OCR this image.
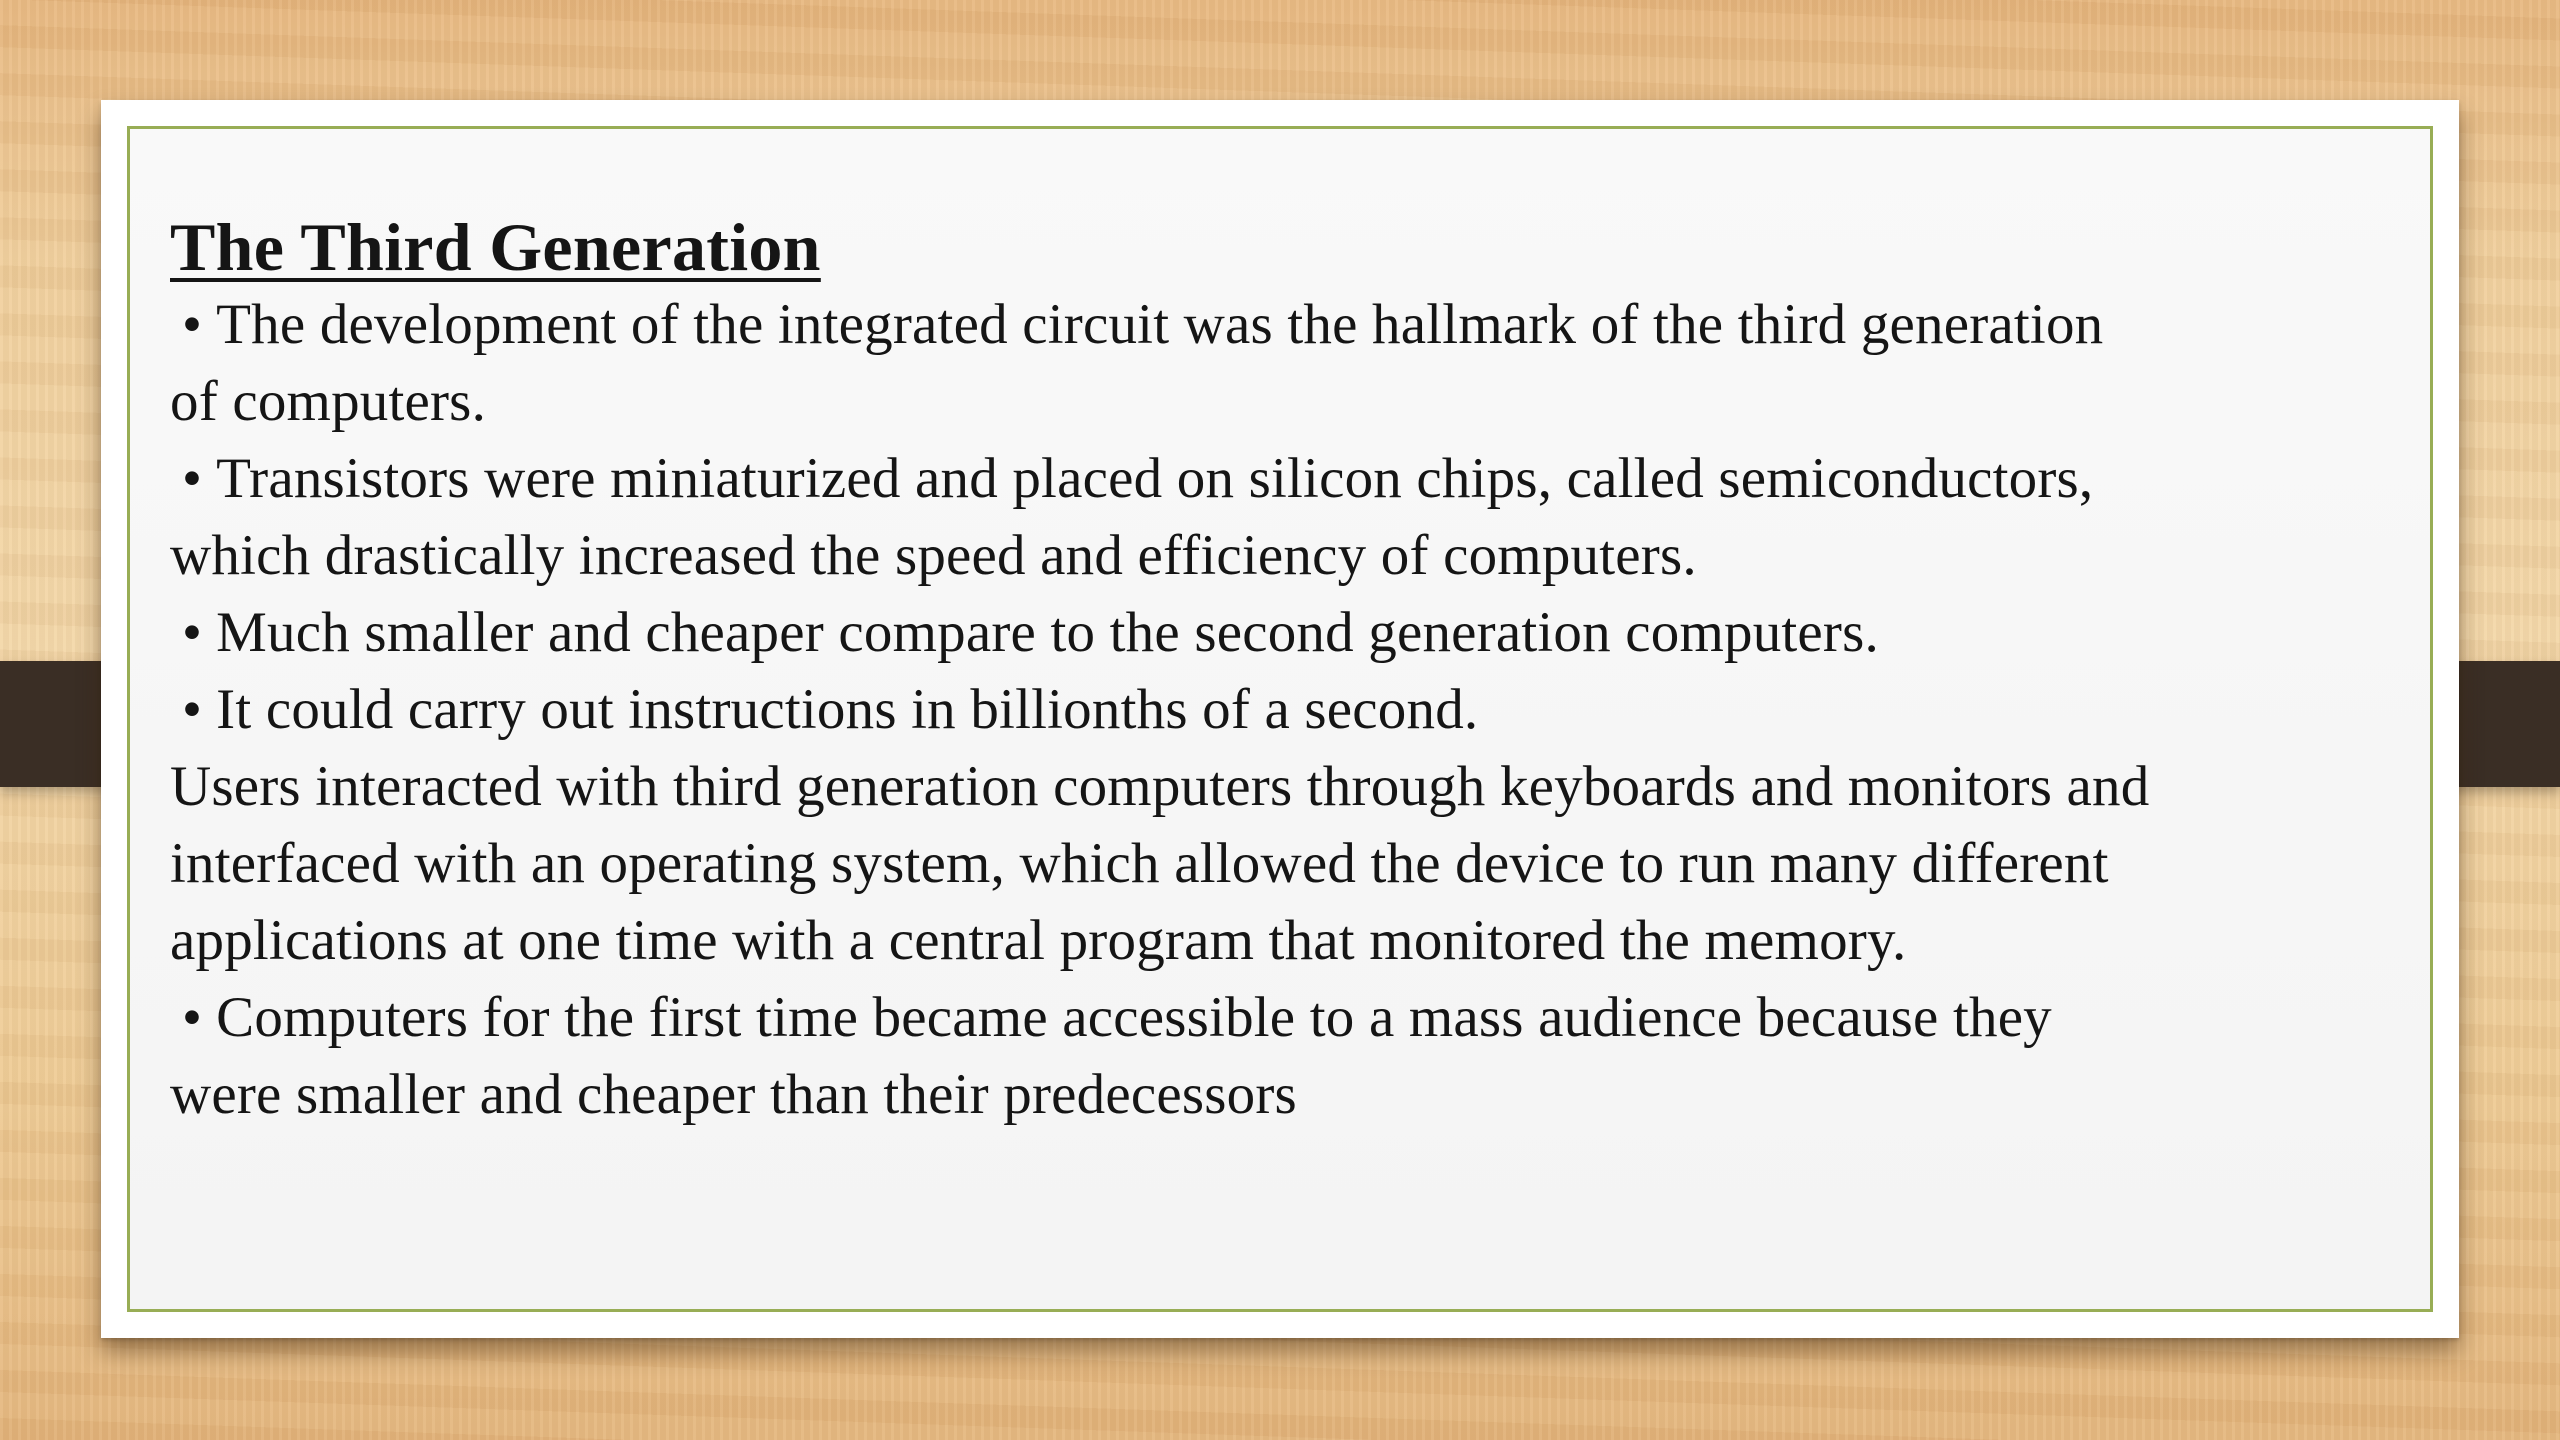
The Third Generation

• The development of the integrated circuit was the hallmark of the third generation
of computers.

• Transistors were miniaturized and placed on silicon chips, called semiconductors,
which drastically increased the speed and efficiency of computers.

• Much smaller and cheaper compare to the second generation computers.

• It could carry out instructions in billionths of a second.

Users interacted with third generation computers through keyboards and monitors and
interfaced with an operating system, which allowed the device to run many different
applications at one time with a central program that monitored the memory.

• Computers for the first time became accessible to a mass audience because they
were smaller and cheaper than their predecessors
